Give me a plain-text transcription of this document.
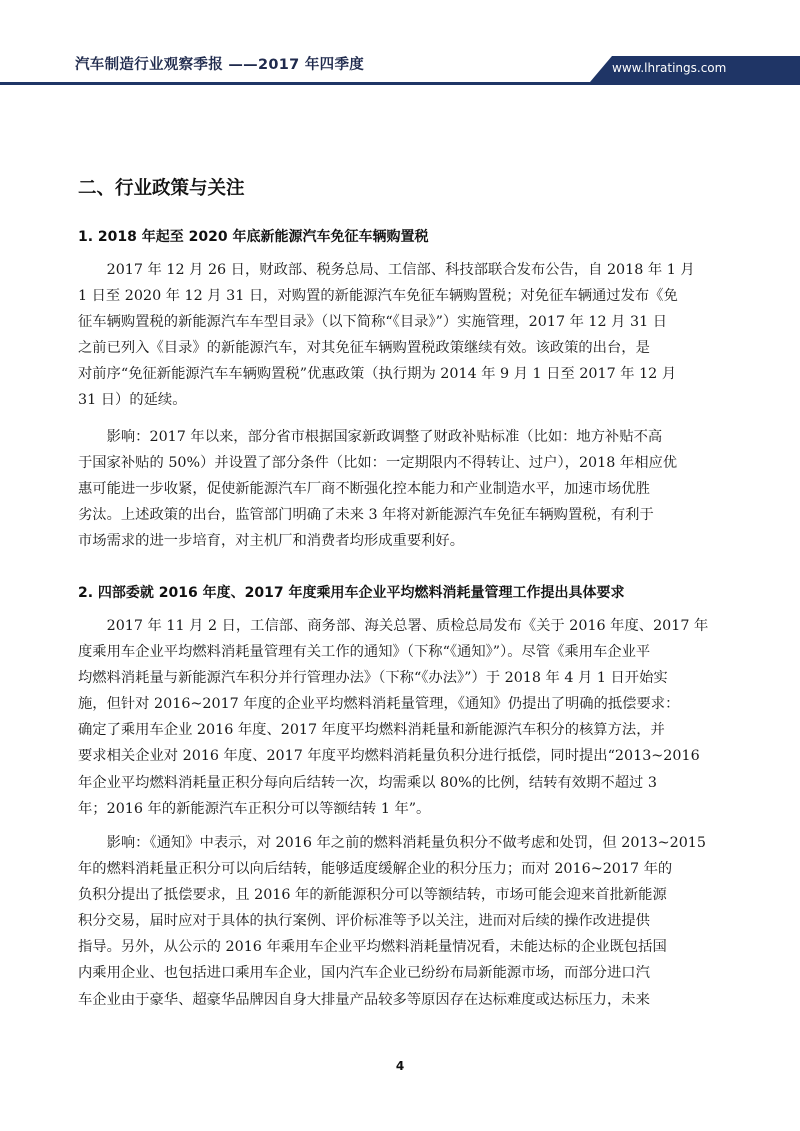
汽车制造行业观察季报 ——2017 年四季度	www.lhratings.com
二、行业政策与关注
1. 2018 年起至 2020 年底新能源汽车免征车辆购置税
　　2017 年 12 月 26 日，财政部、税务总局、工信部、科技部联合发布公告，自 2018 年 1 月
1 日至 2020 年 12 月 31 日，对购置的新能源汽车免征车辆购置税；对免征车辆通过发布《免
征车辆购置税的新能源汽车车型目录》（以下简称“《目录》”）实施管理，2017 年 12 月 31 日
之前已列入《目录》的新能源汽车，对其免征车辆购置税政策继续有效。该政策的出台，是
对前序“免征新能源汽车车辆购置税”优惠政策（执行期为 2014 年 9 月 1 日至 2017 年 12 月
31 日）的延续。
　　影响：2017 年以来，部分省市根据国家新政调整了财政补贴标准（比如：地方补贴不高
于国家补贴的 50%）并设置了部分条件（比如：一定期限内不得转让、过户），2018 年相应优
惠可能进一步收紧，促使新能源汽车厂商不断强化控本能力和产业制造水平，加速市场优胜
劣汰。上述政策的出台，监管部门明确了未来 3 年将对新能源汽车免征车辆购置税，有利于
市场需求的进一步培育，对主机厂和消费者均形成重要利好。
2. 四部委就 2016 年度、2017 年度乘用车企业平均燃料消耗量管理工作提出具体要求
　　2017 年 11 月 2 日，工信部、商务部、海关总署、质检总局发布《关于 2016 年度、2017 年
度乘用车企业平均燃料消耗量管理有关工作的通知》（下称“《通知》”）。尽管《乘用车企业平
均燃料消耗量与新能源汽车积分并行管理办法》（下称“《办法》”）于 2018 年 4 月 1 日开始实
施，但针对 2016~2017 年度的企业平均燃料消耗量管理，《通知》仍提出了明确的抵偿要求：
确定了乘用车企业 2016 年度、2017 年度平均燃料消耗量和新能源汽车积分的核算方法，并
要求相关企业对 2016 年度、2017 年度平均燃料消耗量负积分进行抵偿，同时提出“2013~2016
年企业平均燃料消耗量正积分每向后结转一次，均需乘以 80%的比例，结转有效期不超过 3
年；2016 年的新能源汽车正积分可以等额结转 1 年”。
　　影响：《通知》中表示，对 2016 年之前的燃料消耗量负积分不做考虑和处罚，但 2013~2015
年的燃料消耗量正积分可以向后结转，能够适度缓解企业的积分压力；而对 2016~2017 年的
负积分提出了抵偿要求，且 2016 年的新能源积分可以等额结转，市场可能会迎来首批新能源
积分交易，届时应对于具体的执行案例、评价标准等予以关注，进而对后续的操作改进提供
指导。另外，从公示的 2016 年乘用车企业平均燃料消耗量情况看，未能达标的企业既包括国
内乘用企业、也包括进口乘用车企业，国内汽车企业已纷纷布局新能源市场，而部分进口汽
车企业由于豪华、超豪华品牌因自身大排量产品较多等原因存在达标难度或达标压力，未来
4
